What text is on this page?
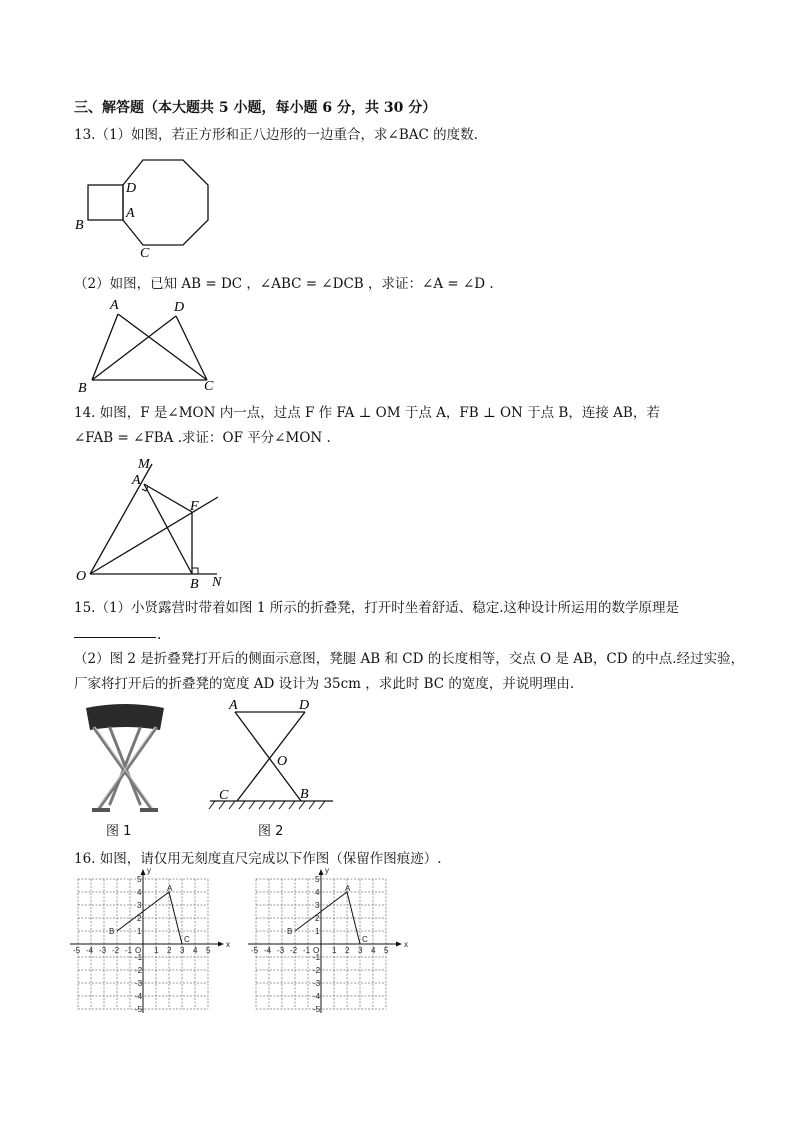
三、解答题（本大题共 5 小题，每小题 6 分，共 30 分）
13.（1）如图，若正方形和正八边形的一边重合，求∠BAC 的度数.
B
A
D
C
（2）如图，已知 AB = DC ，∠ABC = ∠DCB ，求证：∠A = ∠D .
A	D
B	C
14. 如图，F 是∠MON 内一点，过点 F 作 FA ⊥ OM 于点 A，FB ⊥ ON 于点 B，连接 AB，若
∠FAB = ∠FBA .求证：OF 平分∠MON .
M
A
F
O
B N
15.（1）小贤露营时带着如图 1 所示的折叠凳，打开时坐着舒适、稳定.这种设计所运用的数学原理是
.
（2）图 2 是折叠凳打开后的侧面示意图，凳腿 AB 和 CD 的长度相等，交点 O 是 AB，CD 的中点.经过实验，
厂家将打开后的折叠凳的宽度 AD 设计为 35cm ，求此时 BC 的宽度，并说明理由.
图 1
A	D
O
C	B
图 2
16. 如图，请仅用无刻度直尺完成以下作图（保留作图痕迹）.
x
y
O
-5 -4 -3 -2 -1	1 2 3 4 5
1
2
3
4
5
-1
-2
-3
-4
-5
A
B
C
x
y
O
-5 -4 -3 -2 -1	1 2 3 4 5
1
2
3
4
5
-1
-2
-3
-4
-5
A
B
C
